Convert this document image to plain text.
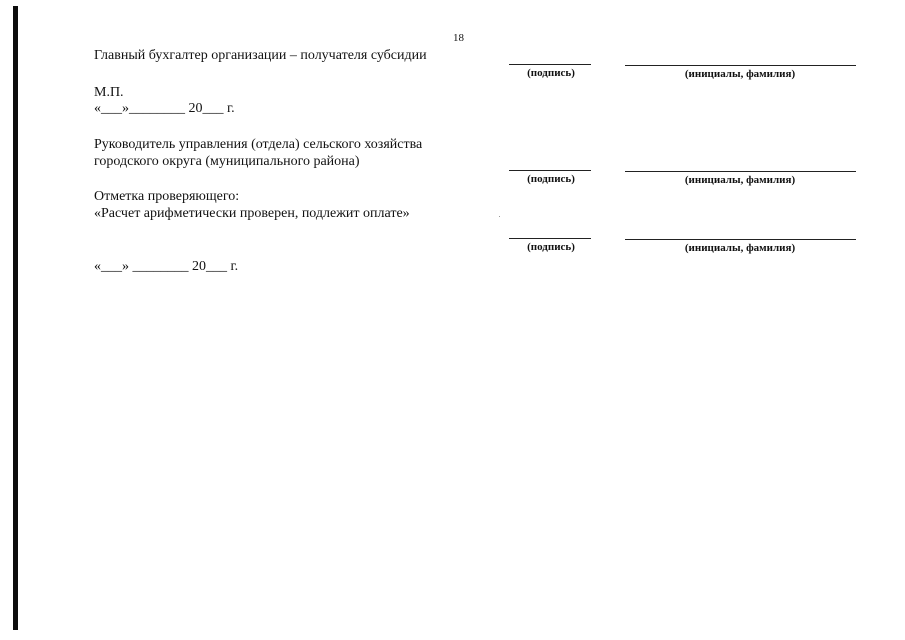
18
Главный бухгалтер организации – получателя субсидии
М.П.
«___»________ 20___ г.
Руководитель управления (отдела) сельского хозяйства
городского округа (муниципального района)
Отметка проверяющего:
«Расчет арифметически проверен, подлежит оплате»
«___» ________ 20___ г.
(подпись)	(инициалы, фамилия)
(подпись)	(инициалы, фамилия)
(подпись)	(инициалы, фамилия)
